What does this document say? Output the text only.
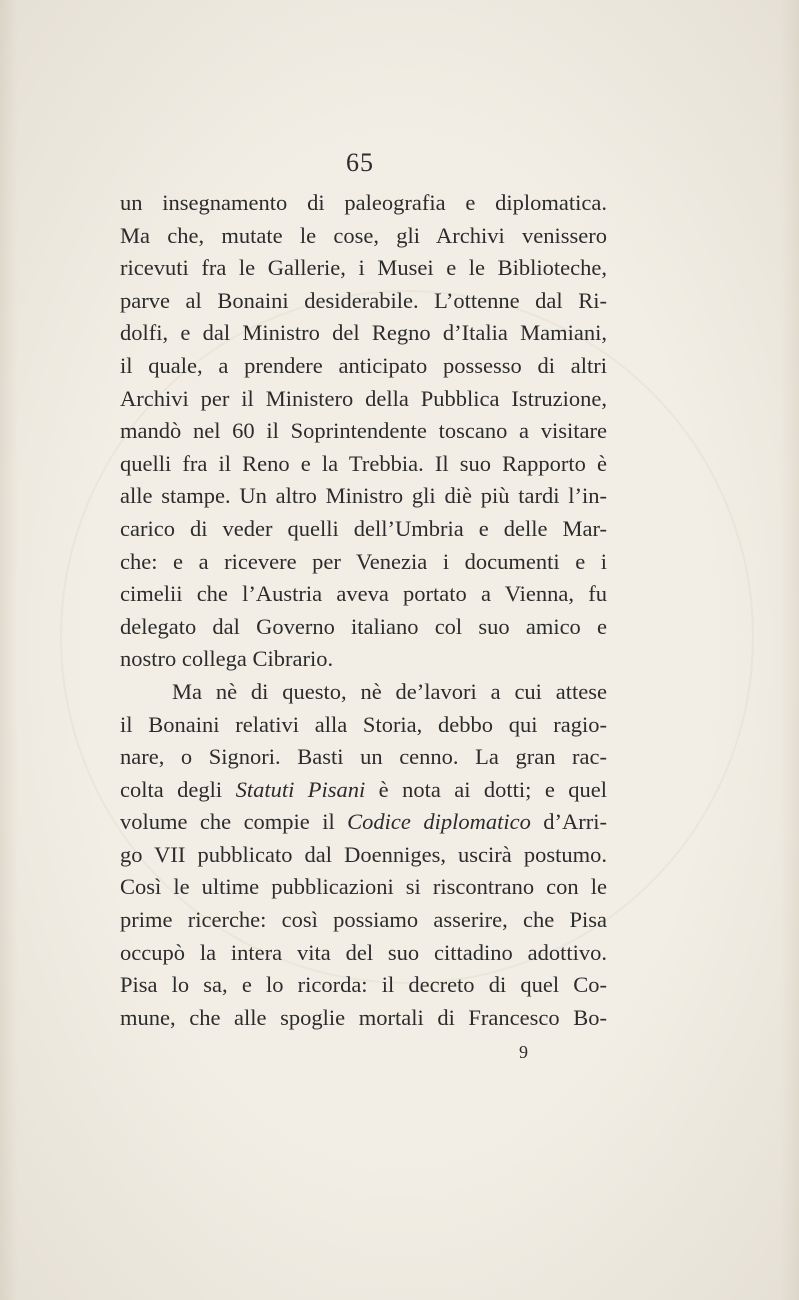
65
un insegnamento di paleografia e diplomatica.
Ma che, mutate le cose, gli Archivi venissero
ricevuti fra le Gallerie, i Musei e le Biblioteche,
parve al Bonaini desiderabile. L’ottenne dal Ri-
dolfi, e dal Ministro del Regno d’Italia Mamiani,
il quale, a prendere anticipato possesso di altri
Archivi per il Ministero della Pubblica Istruzione,
mandò nel 60 il Soprintendente toscano a visitare
quelli fra il Reno e la Trebbia. Il suo Rapporto è
alle stampe. Un altro Ministro gli diè più tardi l’in-
carico di veder quelli dell’Umbria e delle Mar-
che: e a ricevere per Venezia i documenti e i
cimelii che l’Austria aveva portato a Vienna, fu
delegato dal Governo italiano col suo amico e
nostro collega Cibrario.
Ma nè di questo, nè de’lavori a cui attese
il Bonaini relativi alla Storia, debbo qui ragio-
nare, o Signori. Basti un cenno. La gran rac-
colta degli Statuti Pisani è nota ai dotti; e quel
volume che compie il Codice diplomatico d’Arri-
go VII pubblicato dal Doenniges, uscirà postumo.
Così le ultime pubblicazioni si riscontrano con le
prime ricerche: così possiamo asserire, che Pisa
occupò la intera vita del suo cittadino adottivo.
Pisa lo sa, e lo ricorda: il decreto di quel Co-
mune, che alle spoglie mortali di Francesco Bo-
9
